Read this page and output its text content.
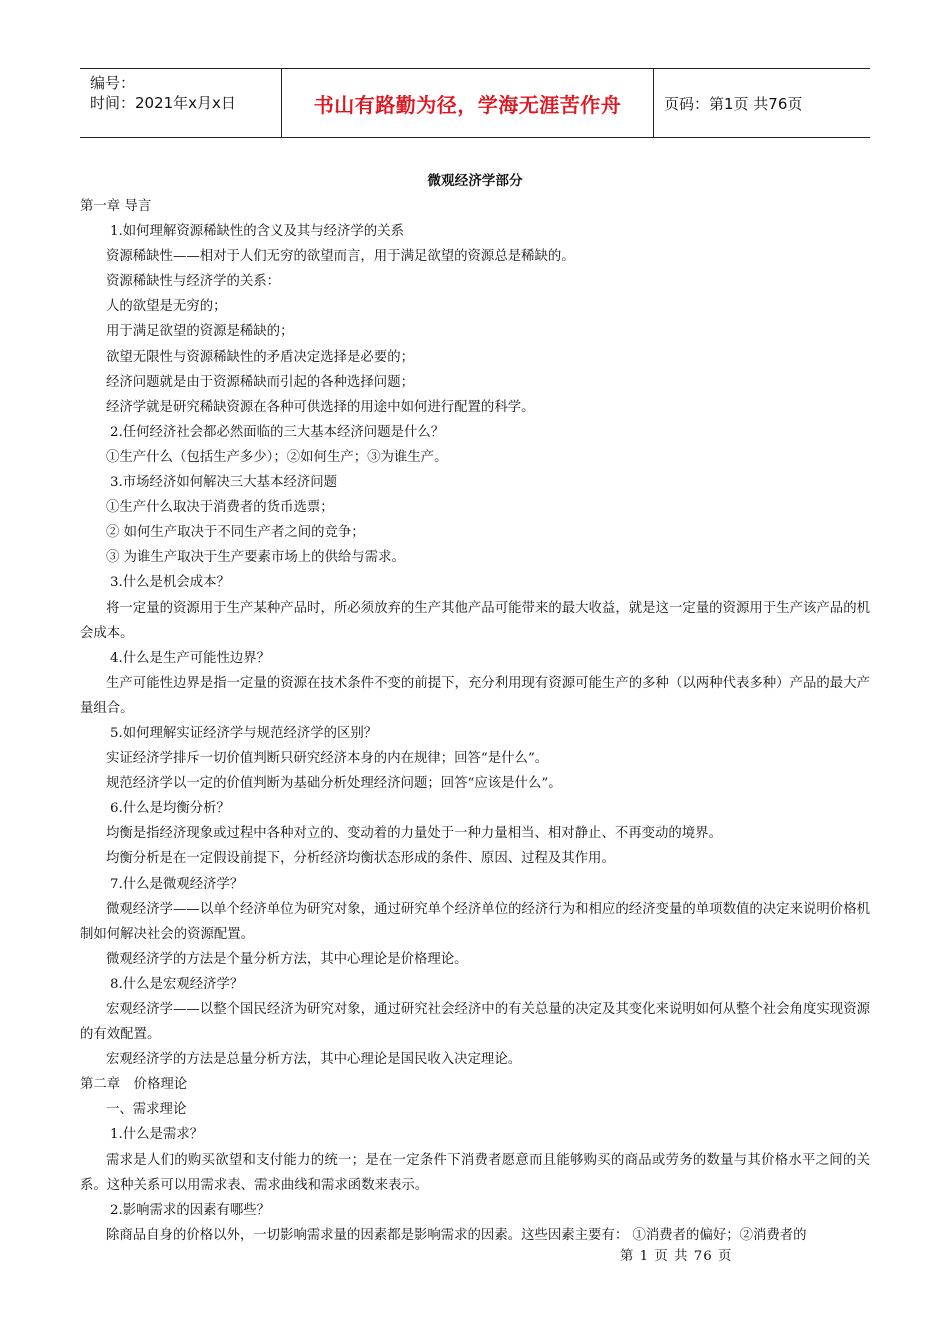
编号：
时间：2021年x月x日	书山有路勤为径，学海无涯苦作舟	页码：第1页 共76页
微观经济学部分
第一章 导言
1.如何理解资源稀缺性的含义及其与经济学的关系
资源稀缺性——相对于人们无穷的欲望而言，用于满足欲望的资源总是稀缺的。
资源稀缺性与经济学的关系：
人的欲望是无穷的；
用于满足欲望的资源是稀缺的；
欲望无限性与资源稀缺性的矛盾决定选择是必要的；
经济问题就是由于资源稀缺而引起的各种选择问题；
经济学就是研究稀缺资源在各种可供选择的用途中如何进行配置的科学。
2.任何经济社会都必然面临的三大基本经济问题是什么？
①生产什么（包括生产多少）；②如何生产；③为谁生产。
3.市场经济如何解决三大基本经济问题
①生产什么取决于消费者的货币选票；
② 如何生产取决于不同生产者之间的竞争；
③ 为谁生产取决于生产要素市场上的供给与需求。
3.什么是机会成本？
将一定量的资源用于生产某种产品时，所必须放弃的生产其他产品可能带来的最大收益，就是这一定量的资源用于生产该产品的机会成本。
4.什么是生产可能性边界？
生产可能性边界是指一定量的资源在技术条件不变的前提下，充分利用现有资源可能生产的多种（以两种代表多种）产品的最大产量组合。
5.如何理解实证经济学与规范经济学的区别？
实证经济学排斥一切价值判断只研究经济本身的内在规律；回答“是什么”。
规范经济学以一定的价值判断为基础分析处理经济问题；回答“应该是什么”。
6.什么是均衡分析？
均衡是指经济现象或过程中各种对立的、变动着的力量处于一种力量相当、相对静止、不再变动的境界。
均衡分析是在一定假设前提下，分析经济均衡状态形成的条件、原因、过程及其作用。
7.什么是微观经济学？
微观经济学——以单个经济单位为研究对象，通过研究单个经济单位的经济行为和相应的经济变量的单项数值的决定来说明价格机制如何解决社会的资源配置。
微观经济学的方法是个量分析方法，其中心理论是价格理论。
8.什么是宏观经济学？
宏观经济学——以整个国民经济为研究对象，通过研究社会经济中的有关总量的决定及其变化来说明如何从整个社会角度实现资源的有效配置。
宏观经济学的方法是总量分析方法，其中心理论是国民收入决定理论。
第二章　价格理论
一、需求理论
1.什么是需求？
需求是人们的购买欲望和支付能力的统一；是在一定条件下消费者愿意而且能够购买的商品或劳务的数量与其价格水平之间的关系。这种关系可以用需求表、需求曲线和需求函数来表示。
2.影响需求的因素有哪些？
除商品自身的价格以外，一切影响需求量的因素都是影响需求的因素。这些因素主要有： ①消费者的偏好；②消费者的
第 1 页 共 76 页
